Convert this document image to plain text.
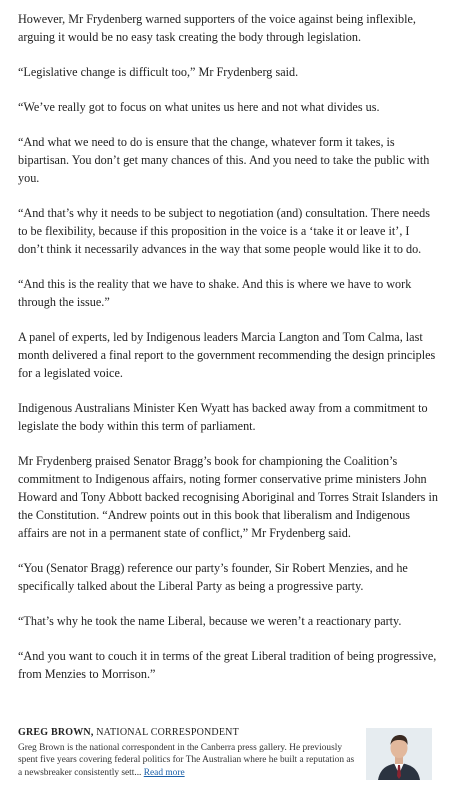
However, Mr Frydenberg warned supporters of the voice against being inflexible, arguing it would be no easy task creating the body through legislation.

“Legislative change is difficult too,” Mr Frydenberg said.

“We’ve really got to focus on what unites us here and not what divides us.

“And what we need to do is ensure that the change, whatever form it takes, is bipartisan. You don’t get many chances of this. And you need to take the public with you.

“And that’s why it needs to be subject to negotiation (and) consultation. There needs to be flexibility, because if this proposition in the voice is a ‘take it or leave it’, I don’t think it necessarily advances in the way that some people would like it to do.

“And this is the reality that we have to shake. And this is where we have to work through the issue.”

A panel of experts, led by Indigenous leaders Marcia Langton and Tom Calma, last month delivered a final report to the government recommending the design principles for a legislated voice.

Indigenous Australians Minister Ken Wyatt has backed away from a commitment to legislate the body within this term of parliament.

Mr Frydenberg praised Senator Bragg’s book for championing the Coalition’s commitment to Indigenous affairs, noting former conservative prime ministers John Howard and Tony Abbott backed recognising Aboriginal and Torres Strait Islanders in the Constitution. “Andrew points out in this book that liberalism and Indigenous affairs are not in a permanent state of conflict,” Mr Frydenberg said.

“You (Senator Bragg) reference our party’s founder, Sir Robert Menzies, and he specifically talked about the Liberal Party as being a progressive party.

“That’s why he took the name Liberal, because we weren’t a reactionary party.

“And you want to couch it in terms of the great Liberal tradition of being progressive, from Menzies to Morrison.”

GREG BROWN, NATIONAL CORRESPONDENT

Greg Brown is the national correspondent in the Canberra press gallery. He previously spent five years covering federal politics for The Australian where he built a reputation as a newsbreaker consistently sett... Read more
